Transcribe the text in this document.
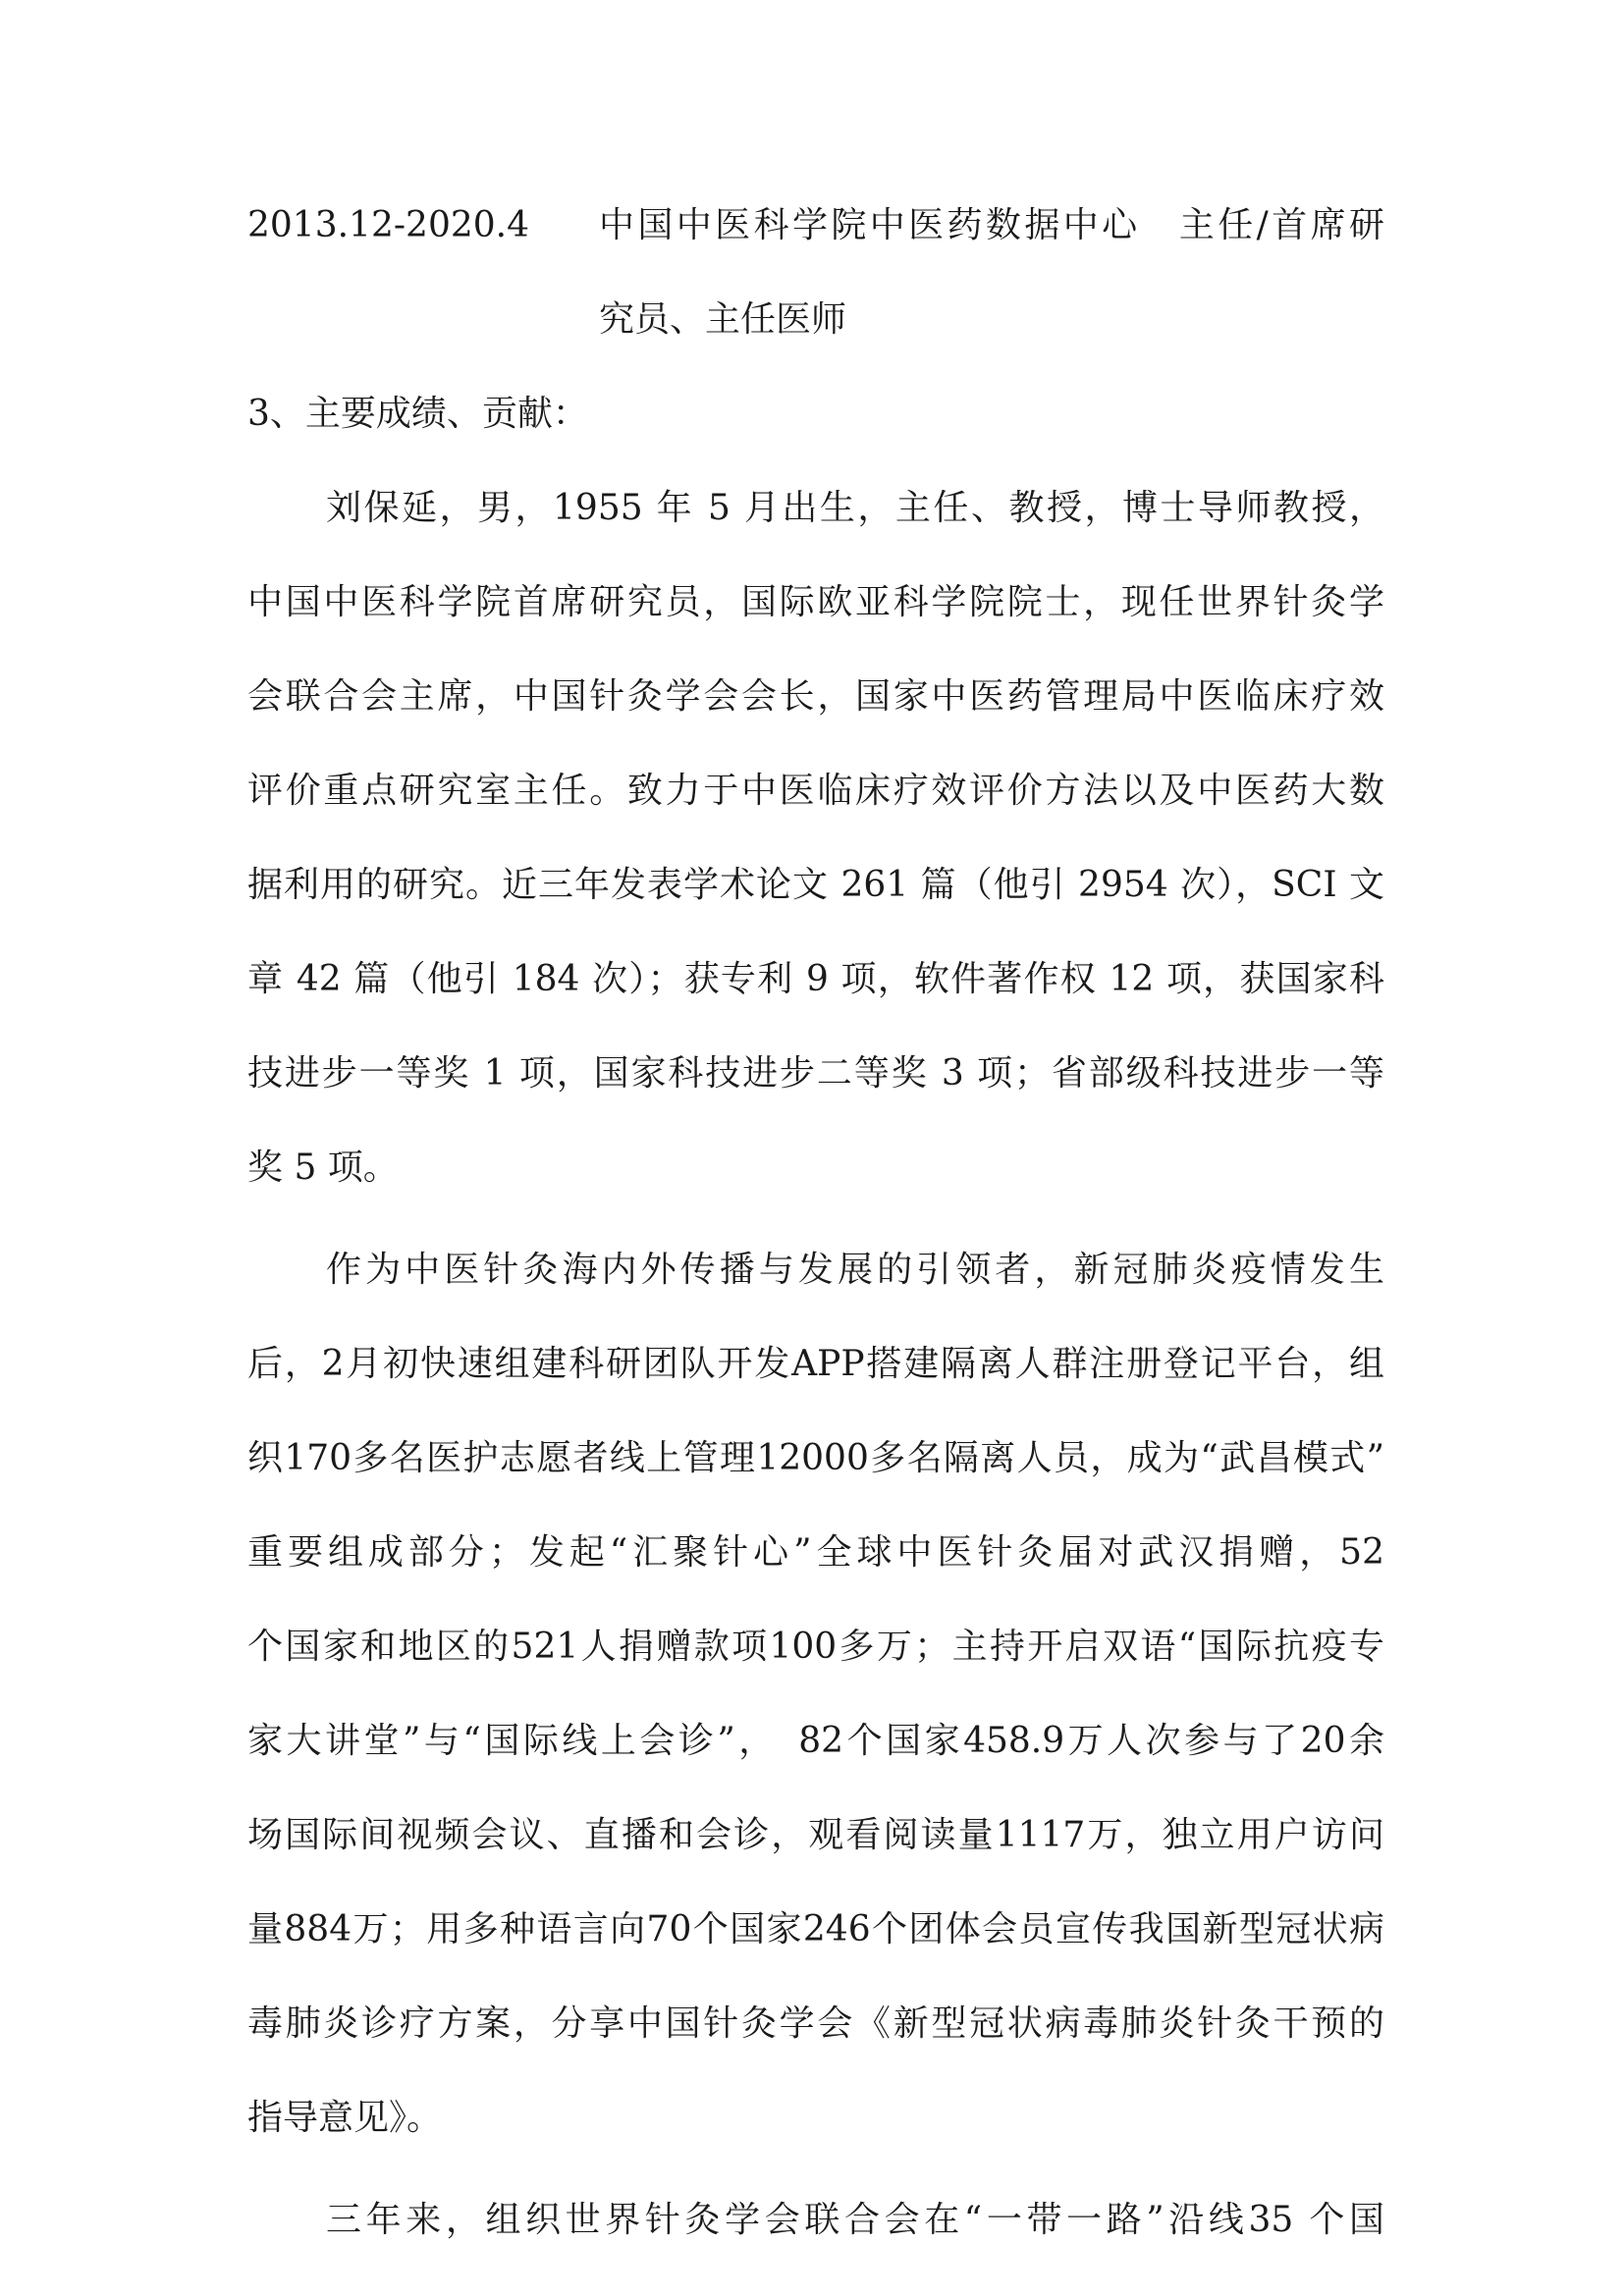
2013.12-2020.4 中国中医科学院中医药数据中心　主任/首席研
究员、主任医师
3、主要成绩、贡献：
刘保延，男，1955 年 5 月出生，主任、教授，博士导师教授，
中国中医科学院首席研究员，国际欧亚科学院院士，现任世界针灸学
会联合会主席，中国针灸学会会长，国家中医药管理局中医临床疗效
评价重点研究室主任。致力于中医临床疗效评价方法以及中医药大数
据利用的研究。近三年发表学术论文 261 篇（他引 2954 次），SCI 文
章 42 篇（他引 184 次）；获专利 9 项，软件著作权 12 项，获国家科
技进步一等奖 1 项，国家科技进步二等奖 3 项；省部级科技进步一等
奖 5 项。
作为中医针灸海内外传播与发展的引领者，新冠肺炎疫情发生
后，2月初快速组建科研团队开发APP搭建隔离人群注册登记平台，组
织170多名医护志愿者线上管理12000多名隔离人员，成为“武昌模式”
重要组成部分；发起“汇聚针心”全球中医针灸届对武汉捐赠，52
个国家和地区的521人捐赠款项100多万；主持开启双语“国际抗疫专
家大讲堂”与“国际线上会诊”，　82个国家458.9万人次参与了20余
场国际间视频会议、直播和会诊，观看阅读量1117万，独立用户访问
量884万；用多种语言向70个国家246个团体会员宣传我国新型冠状病
毒肺炎诊疗方案，分享中国针灸学会《新型冠状病毒肺炎针灸干预的
指导意见》。
三年来，组织世界针灸学会联合会在“一带一路”沿线35 个国
